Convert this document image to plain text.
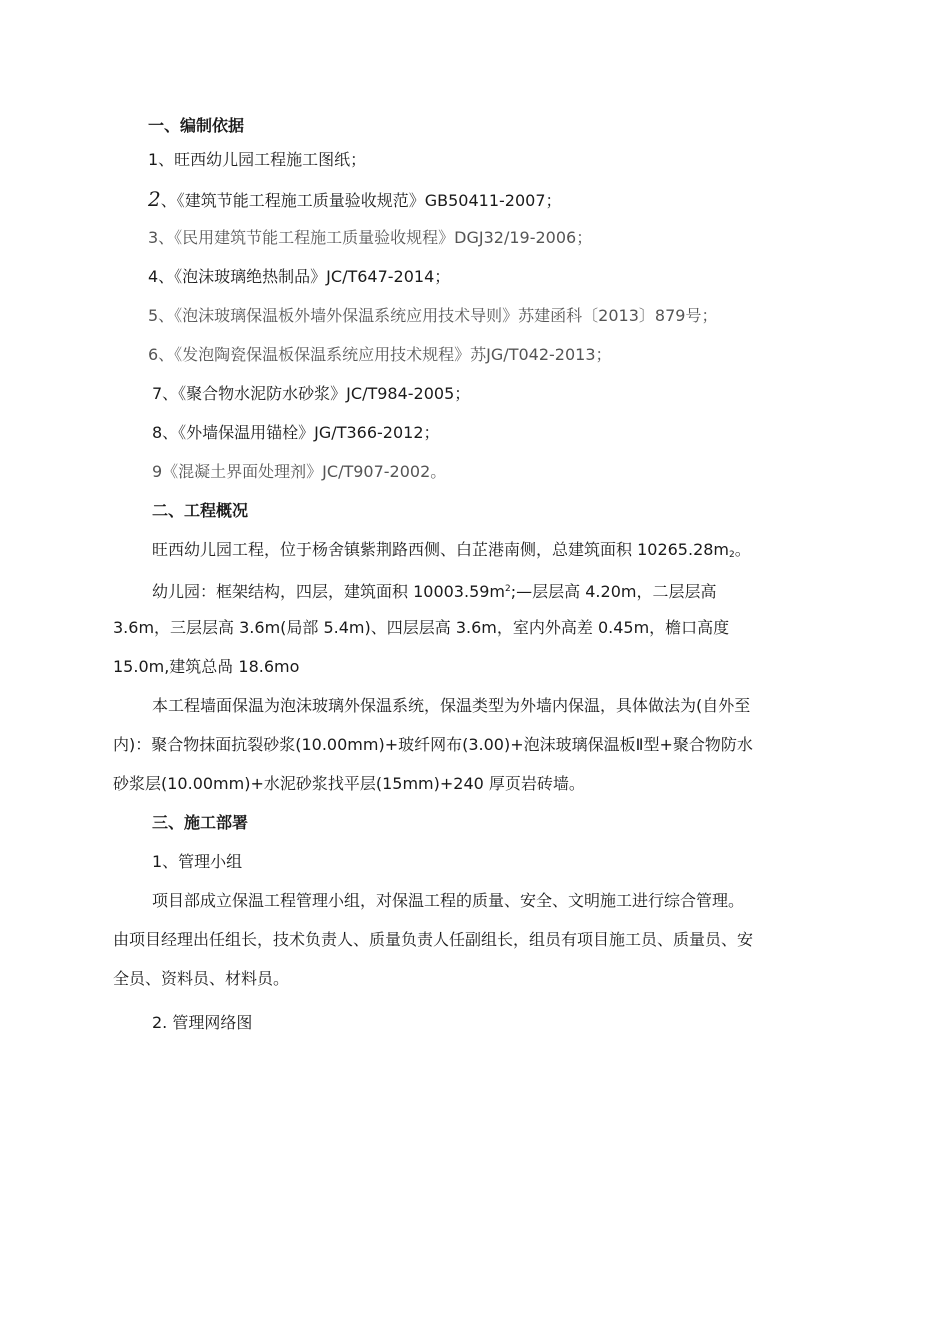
一、编制依据
1、旺西幼儿园工程施工图纸；
2、《建筑节能工程施工质量验收规范》GB50411-2007；
3、《民用建筑节能工程施工质量验收规程》DGJ32/19-2006；
4、《泡沫玻璃绝热制品》JC/T647-2014；
5、《泡沫玻璃保温板外墙外保温系统应用技术导则》苏建函科〔2013〕879号；
6、《发泡陶瓷保温板保温系统应用技术规程》苏JG/T042-2013；
7、《聚合物水泥防水砂浆》JC/T984-2005；
8、《外墙保温用锚栓》JG/T366-2012；
9《混凝土界面处理剂》JC/T907-2002。
二、工程概况
旺西幼儿园工程，位于杨舍镇紫荆路西侧、白芷港南侧，总建筑面积 $10265.28m_2$。
幼儿园：框架结构，四层，建筑面积 $10003.59m^2;—$层层高 4.20m，二层层高
3.6m，三层层高 3.6m(局部 5.4m)、四层层高 3.6m，室内外高差 0.45m，檐口高度
15.0m,建筑总咼 18.6mo
本工程墙面保温为泡沫玻璃外保温系统，保温类型为外墙内保温，具体做法为(自外至
内)：聚合物抹面抗裂砂浆(10.00mm)+玻纤网布(3.00)+泡沫玻璃保温板Ⅱ型+聚合物防水
砂浆层(10.00mm)+水泥砂浆找平层(15mm)+240 厚页岩砖墙。
三、施工部署
1、管理小组
项目部成立保温工程管理小组，对保温工程的质量、安全、文明施工进行综合管理。
由项目经理出任组长，技术负责人、质量负责人任副组长，组员有项目施工员、质量员、安
全员、资料员、材料员。
2. 管理网络图
